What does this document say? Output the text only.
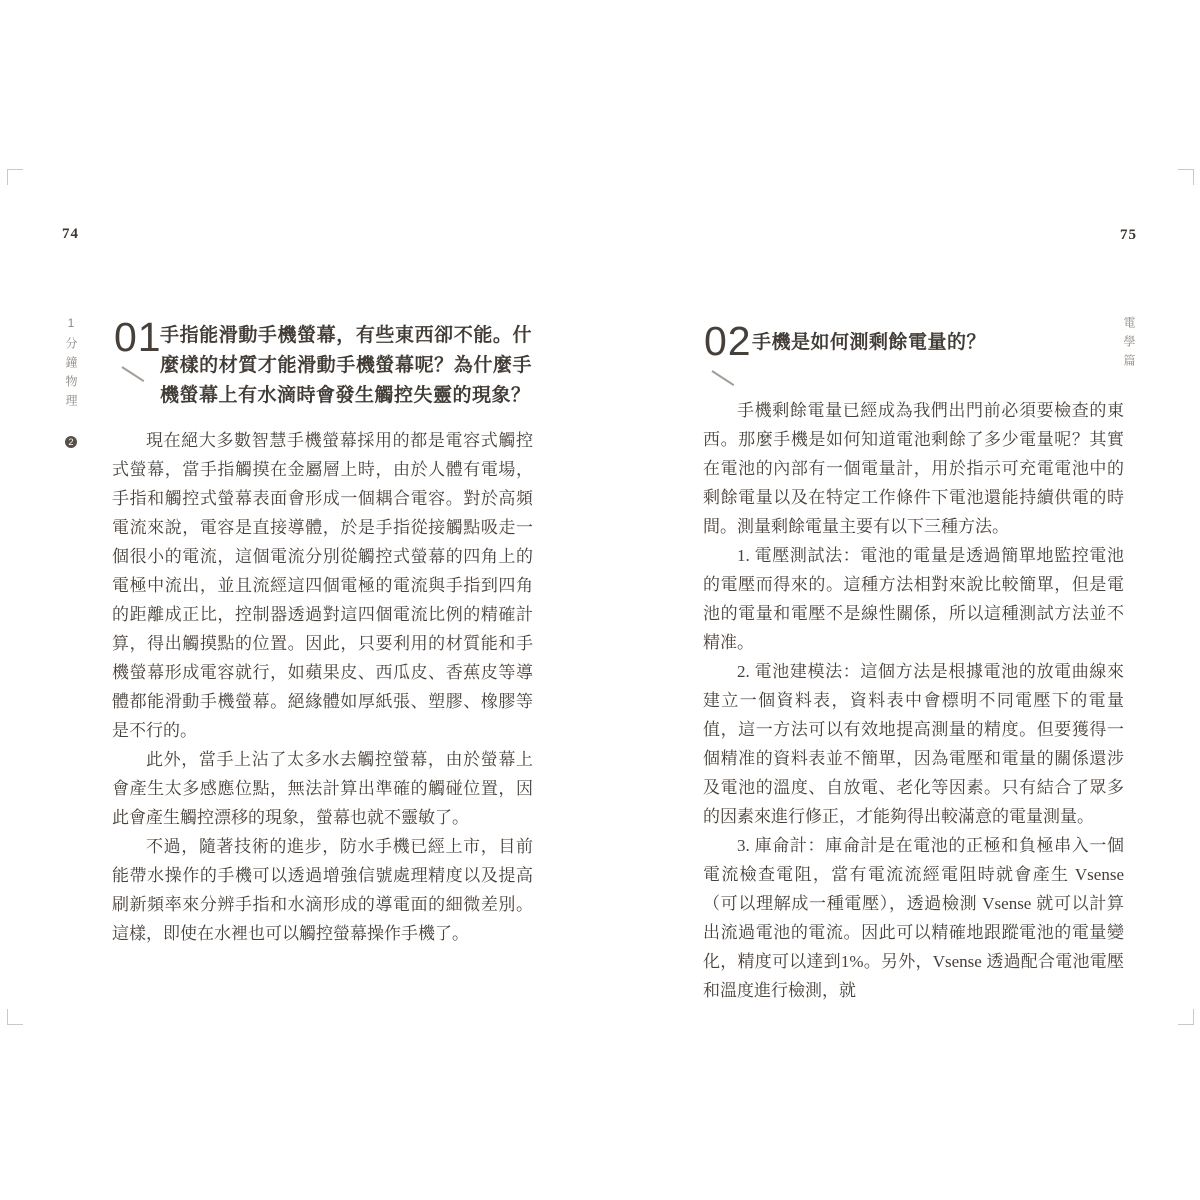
74
1分鐘物理 2
01
手指能滑動手機螢幕，有些東西卻不能。什麼樣的材質才能滑動手機螢幕呢？為什麼手機螢幕上有水滴時會發生觸控失靈的現象？

現在絕大多數智慧手機螢幕採用的都是電容式觸控式螢幕，當手指觸摸在金屬層上時，由於人體有電場，手指和觸控式螢幕表面會形成一個耦合電容。對於高頻電流來說，電容是直接導體，於是手指從接觸點吸走一個很小的電流，這個電流分別從觸控式螢幕的四角上的電極中流出，並且流經這四個電極的電流與手指到四角的距離成正比，控制器透過對這四個電流比例的精確計算，得出觸摸點的位置。因此，只要利用的材質能和手機螢幕形成電容就行，如蘋果皮、西瓜皮、香蕉皮等導體都能滑動手機螢幕。絕緣體如厚紙張、塑膠、橡膠等是不行的。

此外，當手上沾了太多水去觸控螢幕，由於螢幕上會產生太多感應位點，無法計算出準確的觸碰位置，因此會產生觸控漂移的現象，螢幕也就不靈敏了。

不過，隨著技術的進步，防水手機已經上市，目前能帶水操作的手機可以透過增強信號處理精度以及提高刷新頻率來分辨手指和水滴形成的導電面的細微差別。這樣，即使在水裡也可以觸控螢幕操作手機了。

75
電學篇
02 手機是如何測剩餘電量的？

手機剩餘電量已經成為我們出門前必須要檢查的東西。那麼手機是如何知道電池剩餘了多少電量呢？其實在電池的內部有一個電量計，用於指示可充電電池中的剩餘電量以及在特定工作條件下電池還能持續供電的時間。測量剩餘電量主要有以下三種方法。

1. 電壓測試法：電池的電量是透過簡單地監控電池的電壓而得來的。這種方法相對來說比較簡單，但是電池的電量和電壓不是線性關係，所以這種測試方法並不精准。

2. 電池建模法：這個方法是根據電池的放電曲線來建立一個資料表，資料表中會標明不同電壓下的電量值，這一方法可以有效地提高測量的精度。但要獲得一個精准的資料表並不簡單，因為電壓和電量的關係還涉及電池的溫度、自放電、老化等因素。只有結合了眾多的因素來進行修正，才能夠得出較滿意的電量測量。

3. 庫侖計：庫侖計是在電池的正極和負極串入一個電流檢查電阻，當有電流流經電阻時就會產生 Vsense（可以理解成一種電壓），透過檢測 Vsense 就可以計算出流過電池的電流。因此可以精確地跟蹤電池的電量變化，精度可以達到1%。另外，Vsense 透過配合電池電壓和溫度進行檢測，就
